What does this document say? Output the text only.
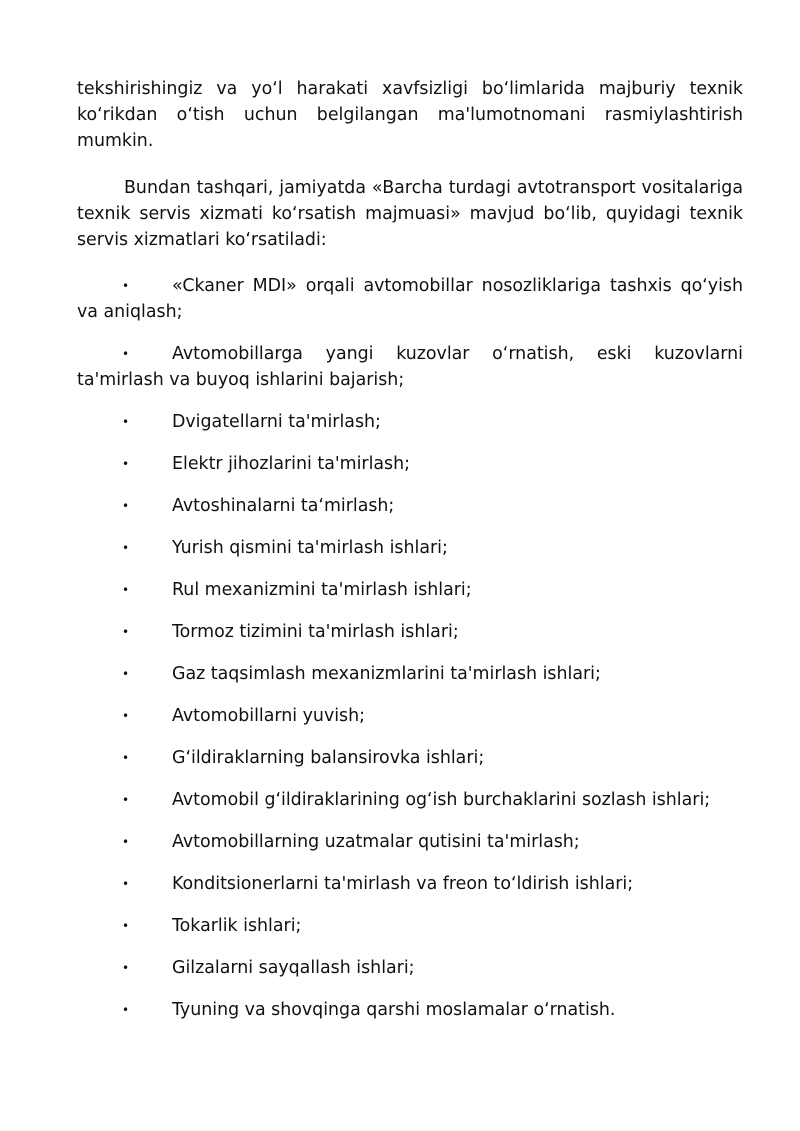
tekshirishingiz va yo‘l harakati xavfsizligi bo‘limlarida majburiy texnik ko‘rikdan o‘tish uchun belgilangan ma'lumotnomani rasmiylashtirish mumkin.

Bundan tashqari, jamiyatda «Barcha turdagi avtotransport vositalariga texnik servis xizmati ko‘rsatish majmuasi» mavjud bo‘lib, quyidagi texnik servis xizmatlari ko‘rsatiladi:

• «Ckaner MDI» orqali avtomobillar nosozliklariga tashxis qo‘yish va aniqlash;
• Avtomobillarga yangi kuzovlar o‘rnatish, eski kuzovlarni ta'mirlash va buyoq ishlarini bajarish;
• Dvigatellarni ta'mirlash;
• Elektr jihozlarini ta'mirlash;
• Avtoshinalarni ta‘mirlash;
• Yurish qismini ta'mirlash ishlari;
• Rul mexanizmini ta'mirlash ishlari;
• Tormoz tizimini ta'mirlash ishlari;
• Gaz taqsimlash mexanizmlarini ta'mirlash ishlari;
• Avtomobillarni yuvish;
• G‘ildiraklarning balansirovka ishlari;
• Avtomobil g‘ildiraklarining og‘ish burchaklarini sozlash ishlari;
• Avtomobillarning uzatmalar qutisini ta'mirlash;
• Konditsionerlarni ta'mirlash va freon to‘ldirish ishlari;
• Tokarlik ishlari;
• Gilzalarni sayqallash ishlari;
• Tyuning va shovqinga qarshi moslamalar o‘rnatish.
